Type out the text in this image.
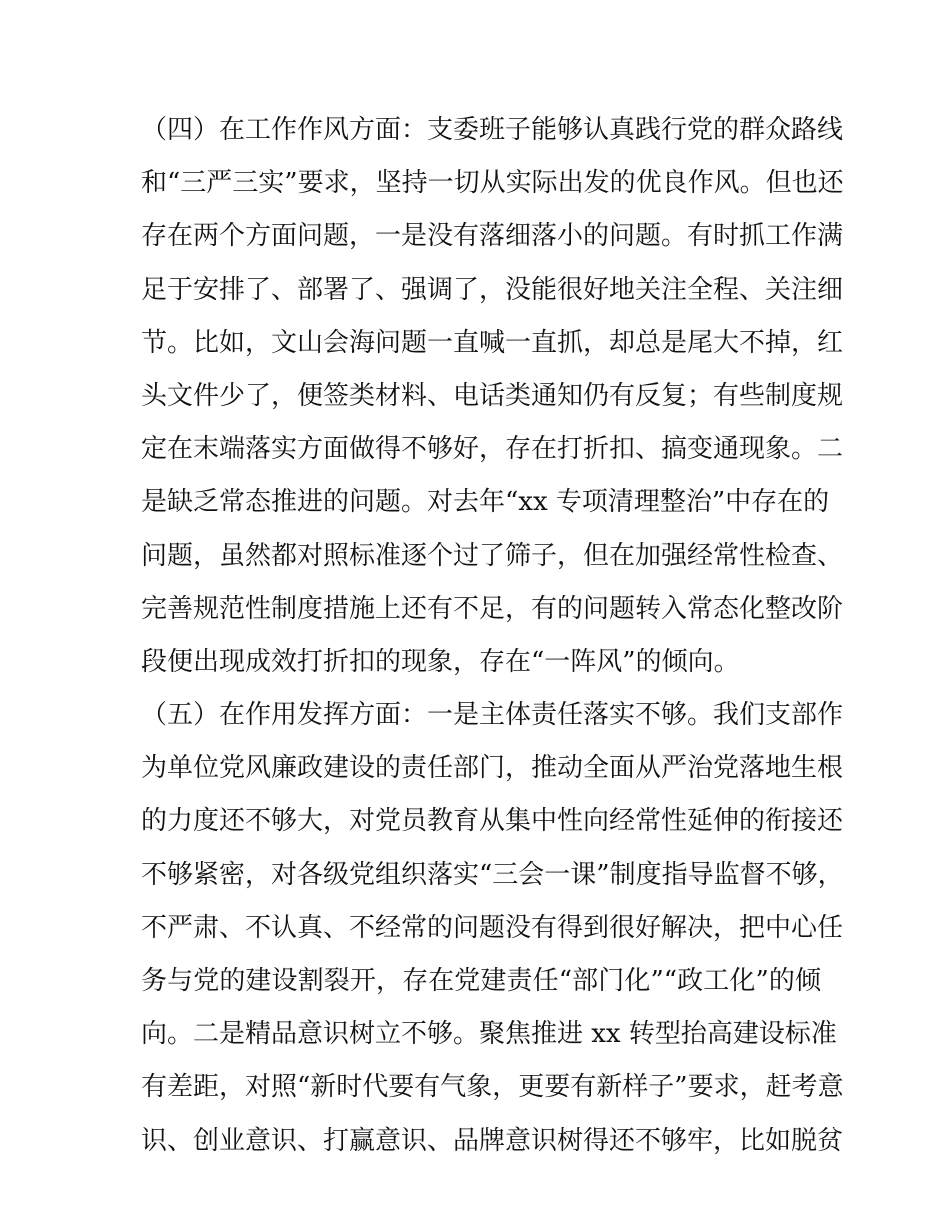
（四）在工作作风方面：支委班子能够认真践行党的群众路线
和“三严三实”要求，坚持一切从实际出发的优良作风。但也还
存在两个方面问题，一是没有落细落小的问题。有时抓工作满
足于安排了、部署了、强调了，没能很好地关注全程、关注细
节。比如，文山会海问题一直喊一直抓，却总是尾大不掉，红
头文件少了，便签类材料、电话类通知仍有反复；有些制度规
定在末端落实方面做得不够好，存在打折扣、搞变通现象。二
是缺乏常态推进的问题。对去年“xx 专项清理整治”中存在的
问题，虽然都对照标准逐个过了筛子，但在加强经常性检查、
完善规范性制度措施上还有不足，有的问题转入常态化整改阶
段便出现成效打折扣的现象，存在“一阵风”的倾向。
（五）在作用发挥方面：一是主体责任落实不够。我们支部作
为单位党风廉政建设的责任部门，推动全面从严治党落地生根
的力度还不够大，对党员教育从集中性向经常性延伸的衔接还
不够紧密，对各级党组织落实“三会一课”制度指导监督不够，
不严肃、不认真、不经常的问题没有得到很好解决，把中心任
务与党的建设割裂开，存在党建责任“部门化”“政工化”的倾
向。二是精品意识树立不够。聚焦推进 xx 转型抬高建设标准
有差距，对照“新时代要有气象，更要有新样子”要求，赶考意
识、创业意识、打赢意识、品牌意识树得还不够牢，比如脱贫
